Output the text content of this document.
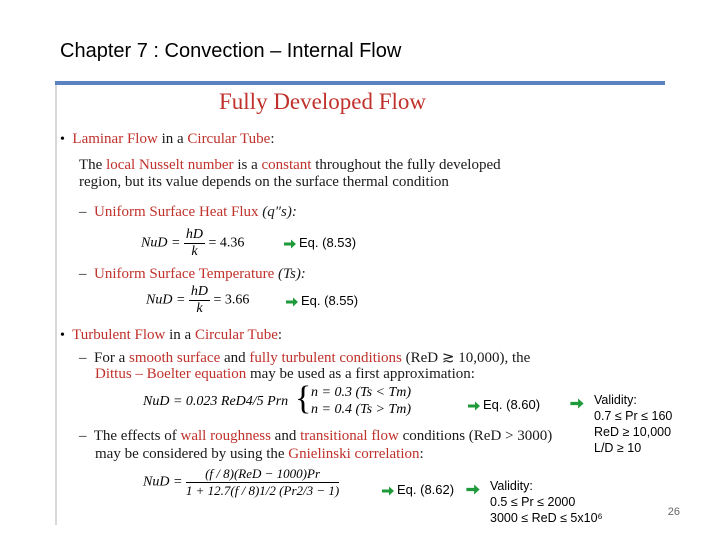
Chapter 7 : Convection – Internal Flow
Fully Developed Flow
• Laminar Flow in a Circular Tube:
The local Nusselt number is a constant throughout the fully developed
region, but its value depends on the surface thermal condition
– Uniform Surface Heat Flux (q″s):
NuD = $\frac{hD}{k} = 4.36$	Eq. (8.53)
– Uniform Surface Temperature (Ts):
NuD = $\frac{hD}{k} = 3.66$	Eq. (8.55)
• Turbulent Flow in a Circular Tube:
– For a smooth surface and fully turbulent conditions (ReD ≳ 10,000), the
Dittus – Boelter equation may be used as a first approximation:
NuD = 0.023 ReD4/5 Prn { n = 0.3 (Ts < Tm)
n = 0.4 (Ts > Tm)	Eq. (8.60)	Validity:
0.7 ≤ Pr ≤ 160
ReD ≥ 10,000
L/D ≥ 10
– The effects of wall roughness and transitional flow conditions (ReD > 3000)
may be considered by using the Gnielinski correlation:
NuD = $\frac{\text{(f / 8)(ReD − 1000)Pr}}{1 + 12.7(f / 8)1/2 (Pr2/3 - 1)}$	Eq. (8.62)	Validity:
0.5 ≤ Pr ≤ 2000
3000 ≤ ReD ≤ 5x10⁶	26
